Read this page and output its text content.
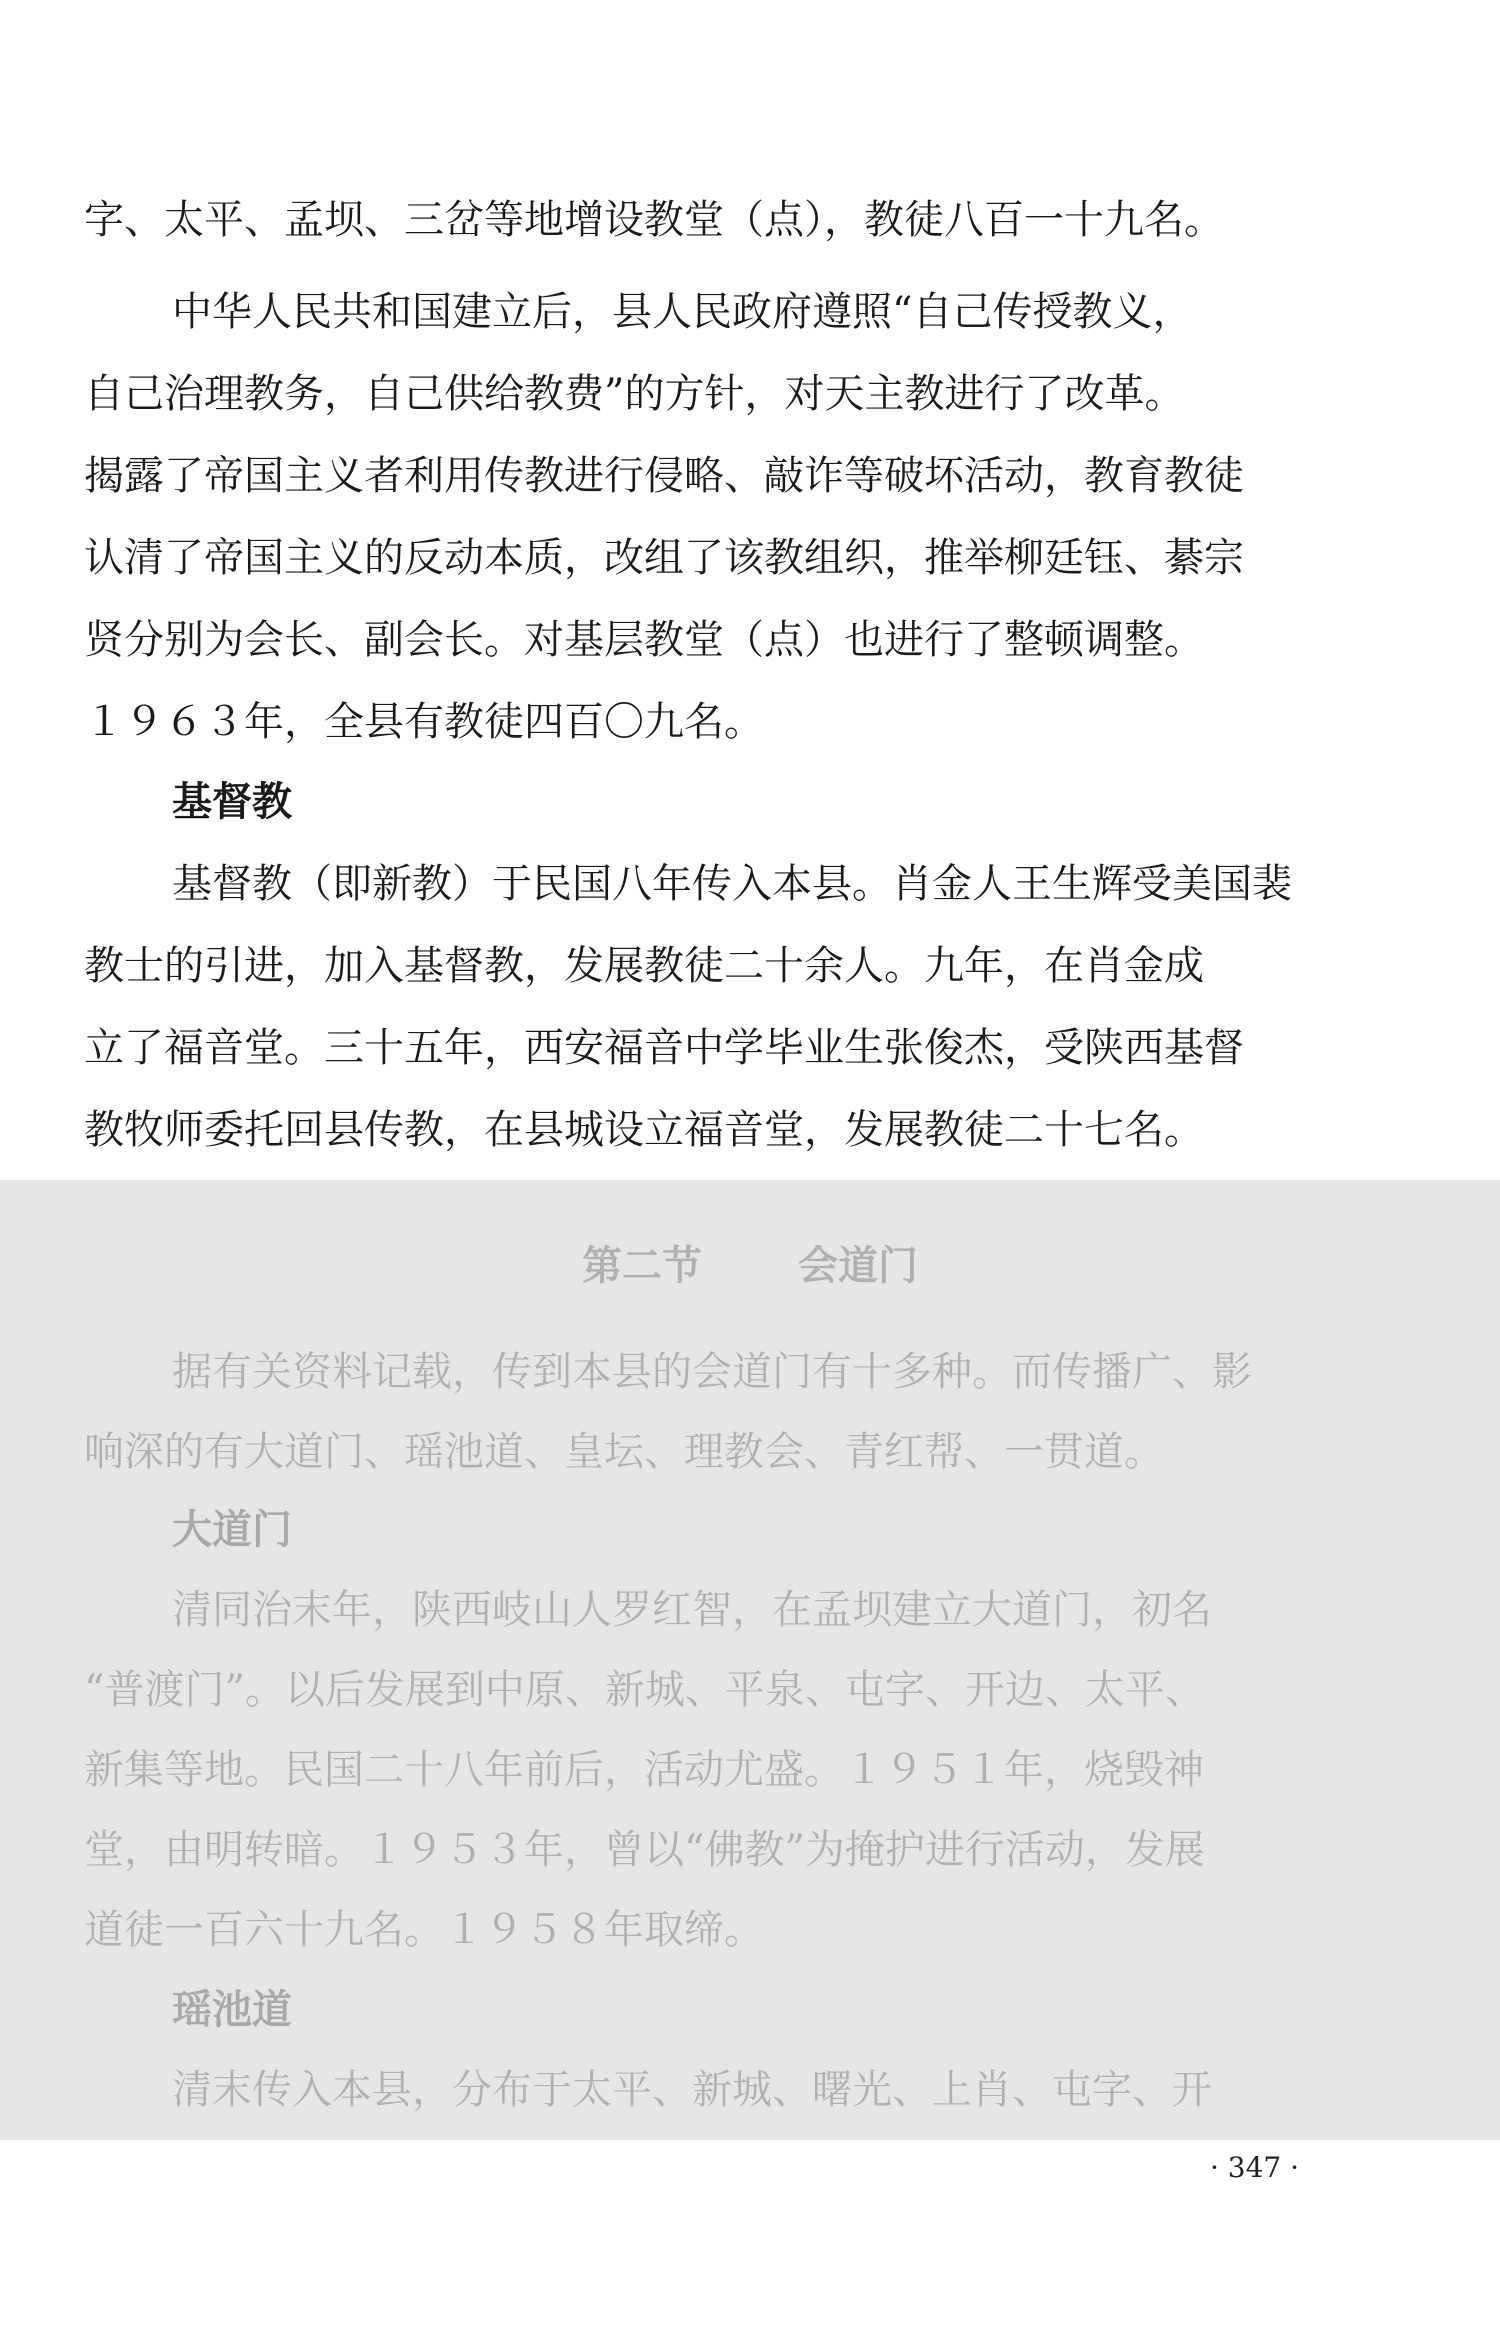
字、太平、孟坝、三岔等地增设教堂（点），教徒八百一十九名。
中华人民共和国建立后，县人民政府遵照“自己传授教义，
自己治理教务，自己供给教费”的方针，对天主教进行了改革。
揭露了帝国主义者利用传教进行侵略、敲诈等破坏活动，教育教徒
认清了帝国主义的反动本质，改组了该教组织，推举柳廷钰、綦宗
贤分别为会长、副会长。对基层教堂（点）也进行了整顿调整。
１９６３年，全县有教徒四百〇九名。
基督教
基督教（即新教）于民国八年传入本县。肖金人王生辉受美国裴
教士的引进，加入基督教，发展教徒二十余人。九年，在肖金成
立了福音堂。三十五年，西安福音中学毕业生张俊杰，受陕西基督
教牧师委托回县传教，在县城设立福音堂，发展教徒二十七名。
第二节 会道门
据有关资料记载，传到本县的会道门有十多种。而传播广、影
响深的有大道门、瑶池道、皇坛、理教会、青红帮、一贯道。
大道门
清同治末年，陕西岐山人罗红智，在孟坝建立大道门，初名
“普渡门”。以后发展到中原、新城、平泉、屯字、开边、太平、
新集等地。民国二十八年前后，活动尤盛。１９５１年，烧毁神
堂，由明转暗。１９５３年，曾以“佛教”为掩护进行活动，发展
道徒一百六十九名。１９５８年取缔。
瑶池道
清末传入本县，分布于太平、新城、曙光、上肖、屯字、开
· 347 ·
